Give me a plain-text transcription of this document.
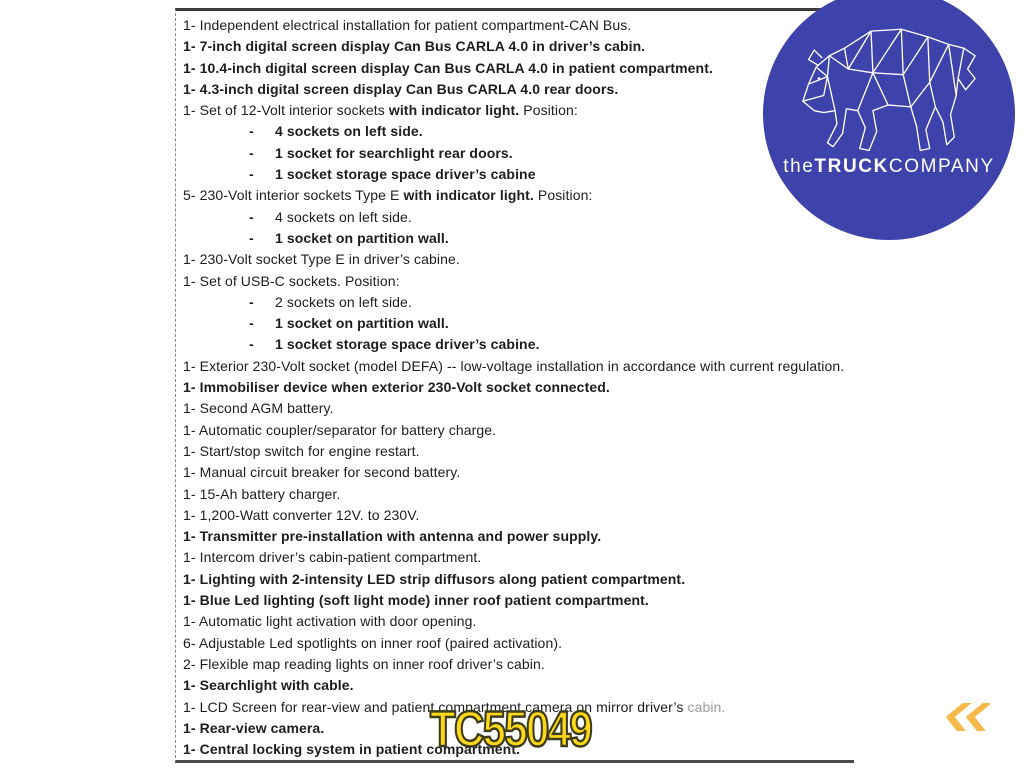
1- Independent electrical installation for patient compartment-CAN Bus.
1- 7-inch digital screen display Can Bus CARLA 4.0 in driver’s cabin.
1- 10.4-inch digital screen display Can Bus CARLA 4.0 in patient compartment.
1- 4.3-inch digital screen display Can Bus CARLA 4.0 rear doors.
1- Set of 12-Volt interior sockets with indicator light. Position:
- 4 sockets on left side.
- 1 socket for searchlight rear doors.
- 1 socket storage space driver’s cabine
5- 230-Volt interior sockets Type E with indicator light. Position:
- 4 sockets on left side.
- 1 socket on partition wall.
1- 230-Volt socket Type E in driver’s cabine.
1- Set of USB-C sockets. Position:
- 2 sockets on left side.
- 1 socket on partition wall.
- 1 socket storage space driver’s cabine.
1- Exterior 230-Volt socket (model DEFA) -- low-voltage installation in accordance with current regulation.
1- Immobiliser device when exterior 230-Volt socket connected.
1- Second AGM battery.
1- Automatic coupler/separator for battery charge.
1- Start/stop switch for engine restart.
1- Manual circuit breaker for second battery.
1- 15-Ah battery charger.
1- 1,200-Watt converter 12V. to 230V.
1- Transmitter pre-installation with antenna and power supply.
1- Intercom driver’s cabin-patient compartment.
1- Lighting with 2-intensity LED strip diffusors along patient compartment.
1- Blue Led lighting (soft light mode) inner roof patient compartment.
1- Automatic light activation with door opening.
6- Adjustable Led spotlights on inner roof (paired activation).
2- Flexible map reading lights on inner roof driver’s cabin.
1- Searchlight with cable.
1- LCD Screen for rear-view and patient compartment camera on mirror driver’s cabin.
1- Rear-view camera.
1- Central locking system in patient compartment.
theTRUCKCOMPANY
TC55049
